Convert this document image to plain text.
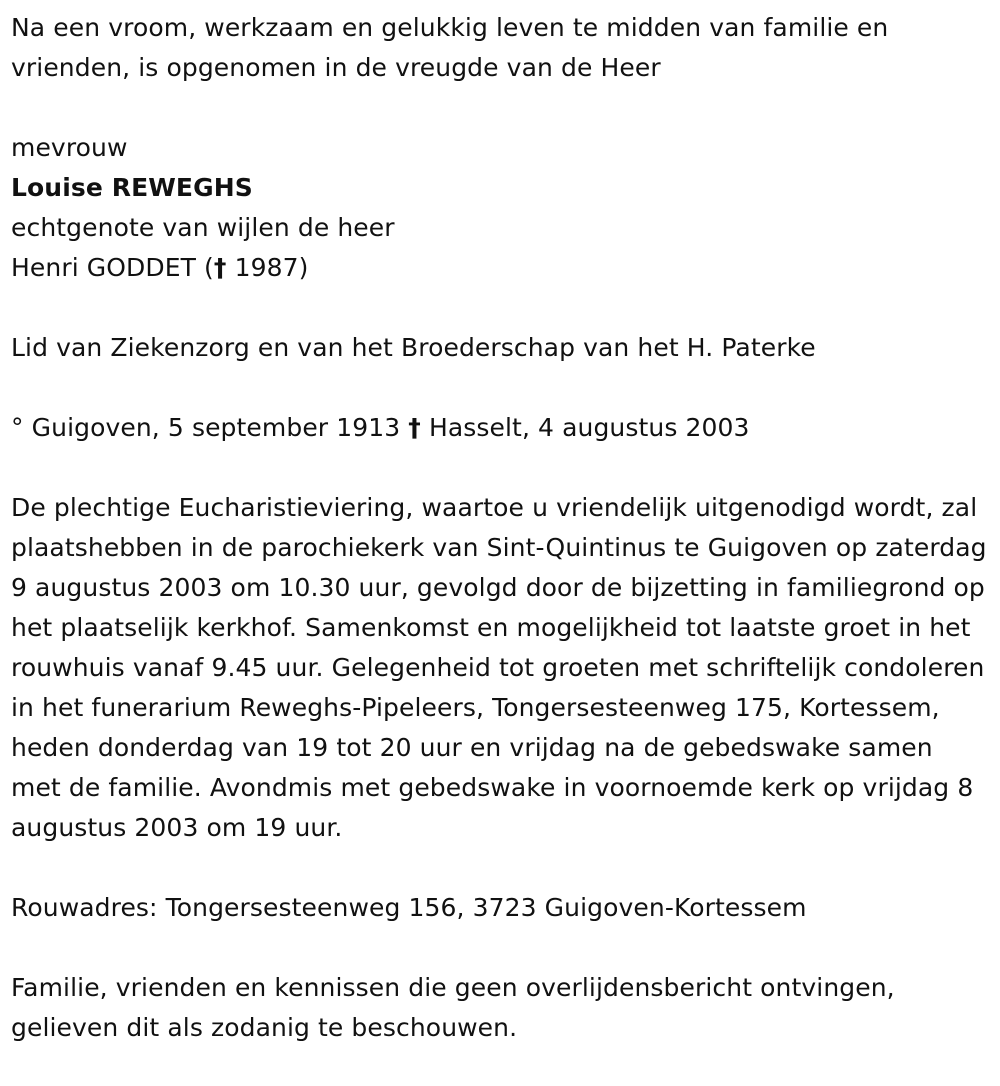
Na een vroom, werkzaam en gelukkig leven te midden van familie en vrienden, is opgenomen in de vreugde van de Heer

mevrouw

Louise REWEGHS

echtgenote van wijlen de heer

Henri GODDET († 1987)

Lid van Ziekenzorg en van het Broederschap van het H. Paterke

° Guigoven, 5 september 1913 † Hasselt, 4 augustus 2003

De plechtige Eucharistieviering, waartoe u vriendelijk uitgenodigd wordt, zal plaatshebben in de parochiekerk van Sint-Quintinus te Guigoven op zaterdag 9 augustus 2003 om 10.30 uur, gevolgd door de bijzetting in familiegrond op het plaatselijk kerkhof. Samenkomst en mogelijkheid tot laatste groet in het rouwhuis vanaf 9.45 uur. Gelegenheid tot groeten met schriftelijk condoleren in het funerarium Reweghs-Pipeleers, Tongersesteenweg 175, Kortessem, heden donderdag van 19 tot 20 uur en vrijdag na de gebedswake samen met de familie. Avondmis met gebedswake in voornoemde kerk op vrijdag 8 augustus 2003 om 19 uur.

Rouwadres: Tongersesteenweg 156, 3723 Guigoven-Kortessem

Familie, vrienden en kennissen die geen overlijdensbericht ontvingen, gelieven dit als zodanig te beschouwen.
